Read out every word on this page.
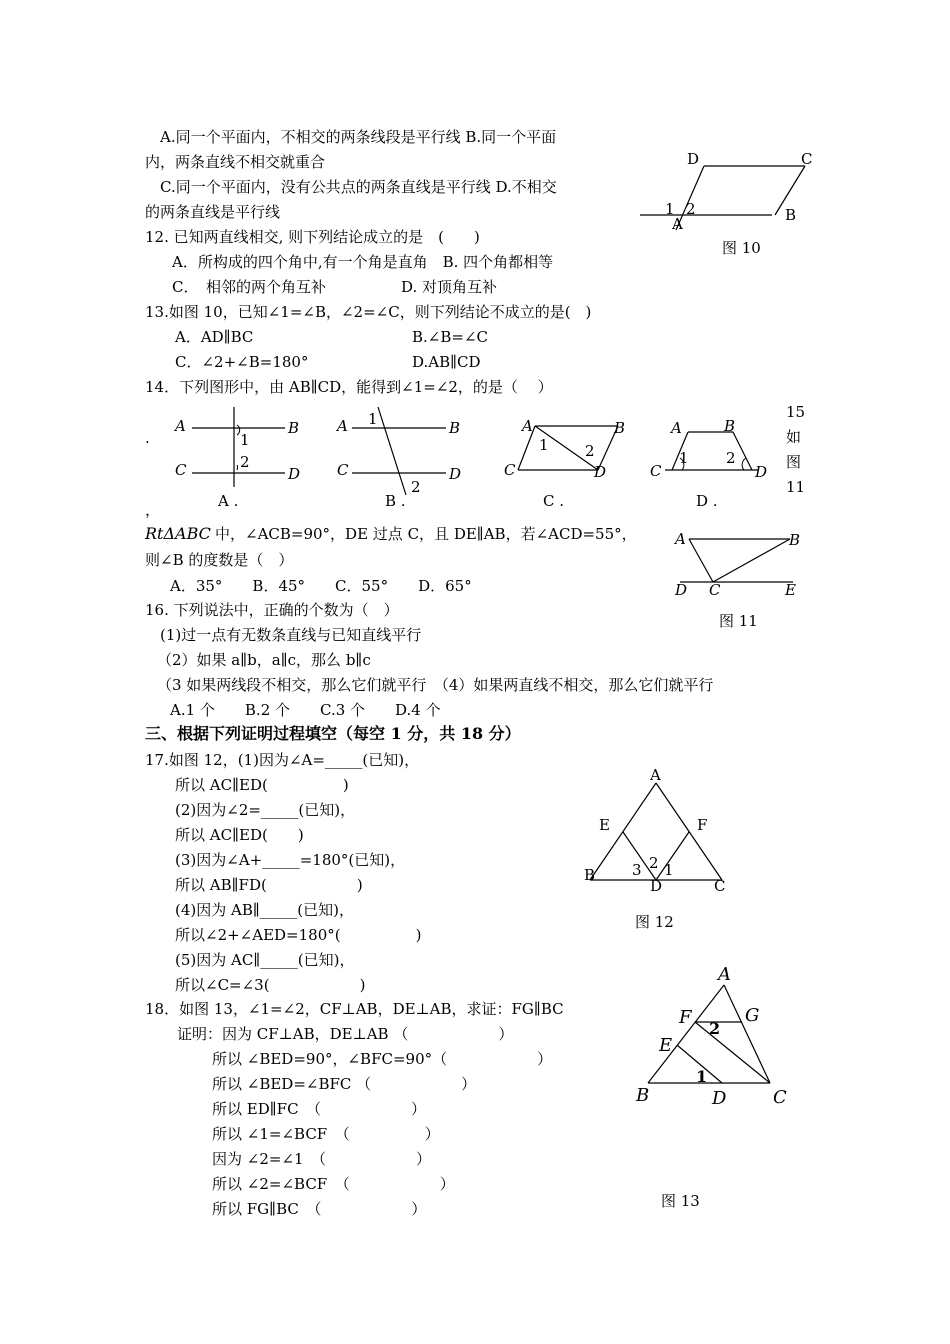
A.同一个平面内，不相交的两条线段是平行线 B.同一个平面
内，两条直线不相交就重合
C.同一个平面内，没有公共点的两条直线是平行线 D.不相交
的两条直线是平行线
D	C
A	B
1 2
图 10
12. 已知两直线相交, 则下列结论成立的是　(　　)
A．所构成的四个角中,有一个角是直角　B. 四个角都相等
C．　相邻的两个角互补　　　　　D. 对顶角互补
13.如图 10，已知∠1=∠B，∠2=∠C，则下列结论不成立的是(　)
A．AD∥BC	B.∠B=∠C
C．∠2+∠B=180°	D.AB∥CD
14．下列图形中，由 AB∥CD，能得到∠1=∠2，的是（　 ）
.
A	B
C	D
1
2
A .
A	B
C	D
1
2
B .
A	B
C	D
1 2
C .
A	B
C	D
1 2
D .
15
如
图
11
，
RtΔABC 中，∠ACB=90°，DE 过点 C，且 DE∥AB，若∠ACD=55°，
则∠B 的度数是（　）
A．35°　　B．45°　　C．55°　　D．65°
A	B
D C	E
图 11
16. 下列说法中，正确的个数为（　）
(1)过一点有无数条直线与已知直线平行
（2）如果 a∥b，a∥c，那么 b∥c
（3 如果两线段不相交，那么它们就平行　（4）如果两直线不相交，那么它们就平行
A.1 个　　B.2 个　　C.3 个　　D.4 个
三、根据下列证明过程填空（每空 1 分，共 18 分）
17.如图 12，(1)因为∠A=_____(已知)，
所以 AC∥ED(　　　　　)
(2)因为∠2=_____(已知)，
所以 AC∥ED(　　)
(3)因为∠A+_____=180°(已知)，
所以 AB∥FD(　　　　　　)
(4)因为 AB∥_____(已知)，
所以∠2+∠AED=180°(　　　　　)
(5)因为 AC∥_____(已知)，
所以∠C=∠3(　　　　　　)
A
E	F
B
D	C
3 2 1
图 12
18．如图 13，∠1=∠2，CF⊥AB，DE⊥AB，求证：FG∥BC
证明：因为 CF⊥AB，DE⊥AB （　　　　　　）
所以 ∠BED=90°，∠BFC=90°（　　　　　　）
所以 ∠BED=∠BFC （　　　　　　）
所以 ED∥FC　（　　　　　　）
所以 ∠1=∠BCF　（　　　　　）
因为 ∠2=∠1　（　　　　　　）
所以 ∠2=∠BCF　（　　　　　　）
所以 FG∥BC　（　　　　　　）
A
F	G
E
B	D	C
2
1
图 13
